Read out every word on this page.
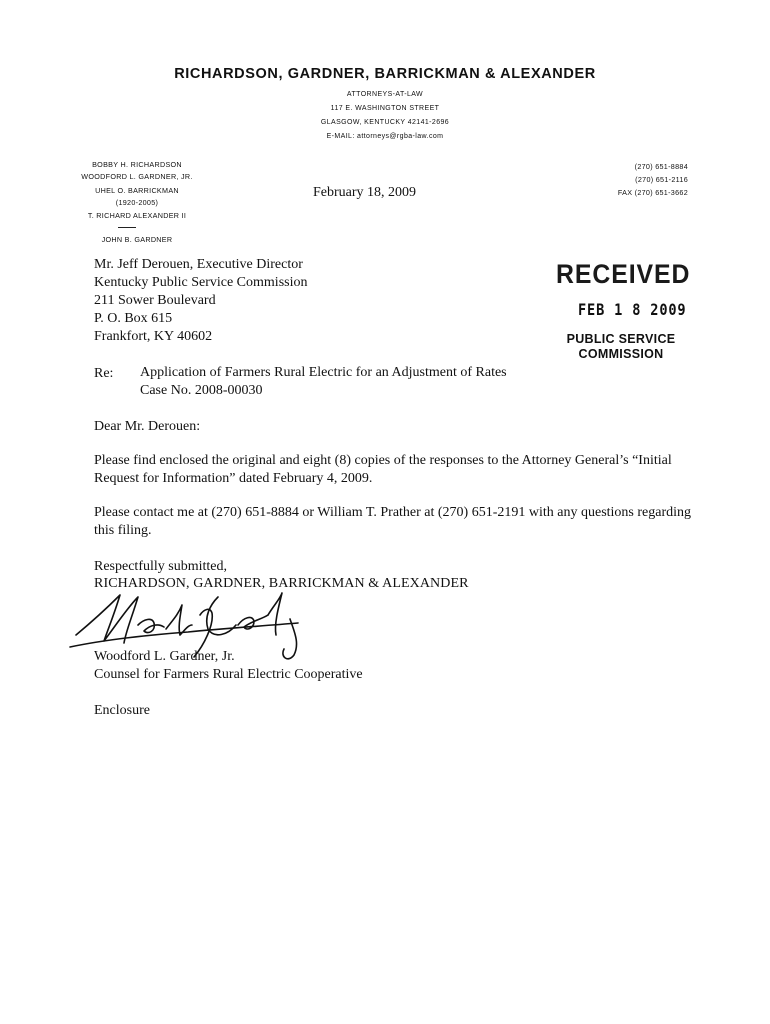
RICHARDSON, GARDNER, BARRICKMAN & ALEXANDER
ATTORNEYS-AT-LAW
117 E. WASHINGTON STREET
GLASGOW, KENTUCKY 42141-2696
E-MAIL: attorneys@rgba-law.com
BOBBY H. RICHARDSON
WOODFORD L. GARDNER, JR.
UHEL O. BARRICKMAN
(1920-2005)
T. RICHARD ALEXANDER II
JOHN B. GARDNER
(270) 651-8884
(270) 651-2116
FAX (270) 651-3662
February 18, 2009
Mr. Jeff Derouen, Executive Director
Kentucky Public Service Commission
211 Sower Boulevard
P. O. Box 615
Frankfort, KY 40602
RECEIVED
FEB 1 8 2009
PUBLIC SERVICE
COMMISSION
Re: Application of Farmers Rural Electric for an Adjustment of Rates
Case No. 2008-00030
Dear Mr. Derouen:
Please find enclosed the original and eight (8) copies of the responses to the Attorney General’s “Initial Request for Information” dated February 4, 2009.
Please contact me at (270) 651-8884 or William T. Prather at (270) 651-2191 with any questions regarding this filing.
Respectfully submitted,
RICHARDSON, GARDNER, BARRICKMAN & ALEXANDER
Woodford L. Gardner, Jr.
Counsel for Farmers Rural Electric Cooperative
Enclosure
